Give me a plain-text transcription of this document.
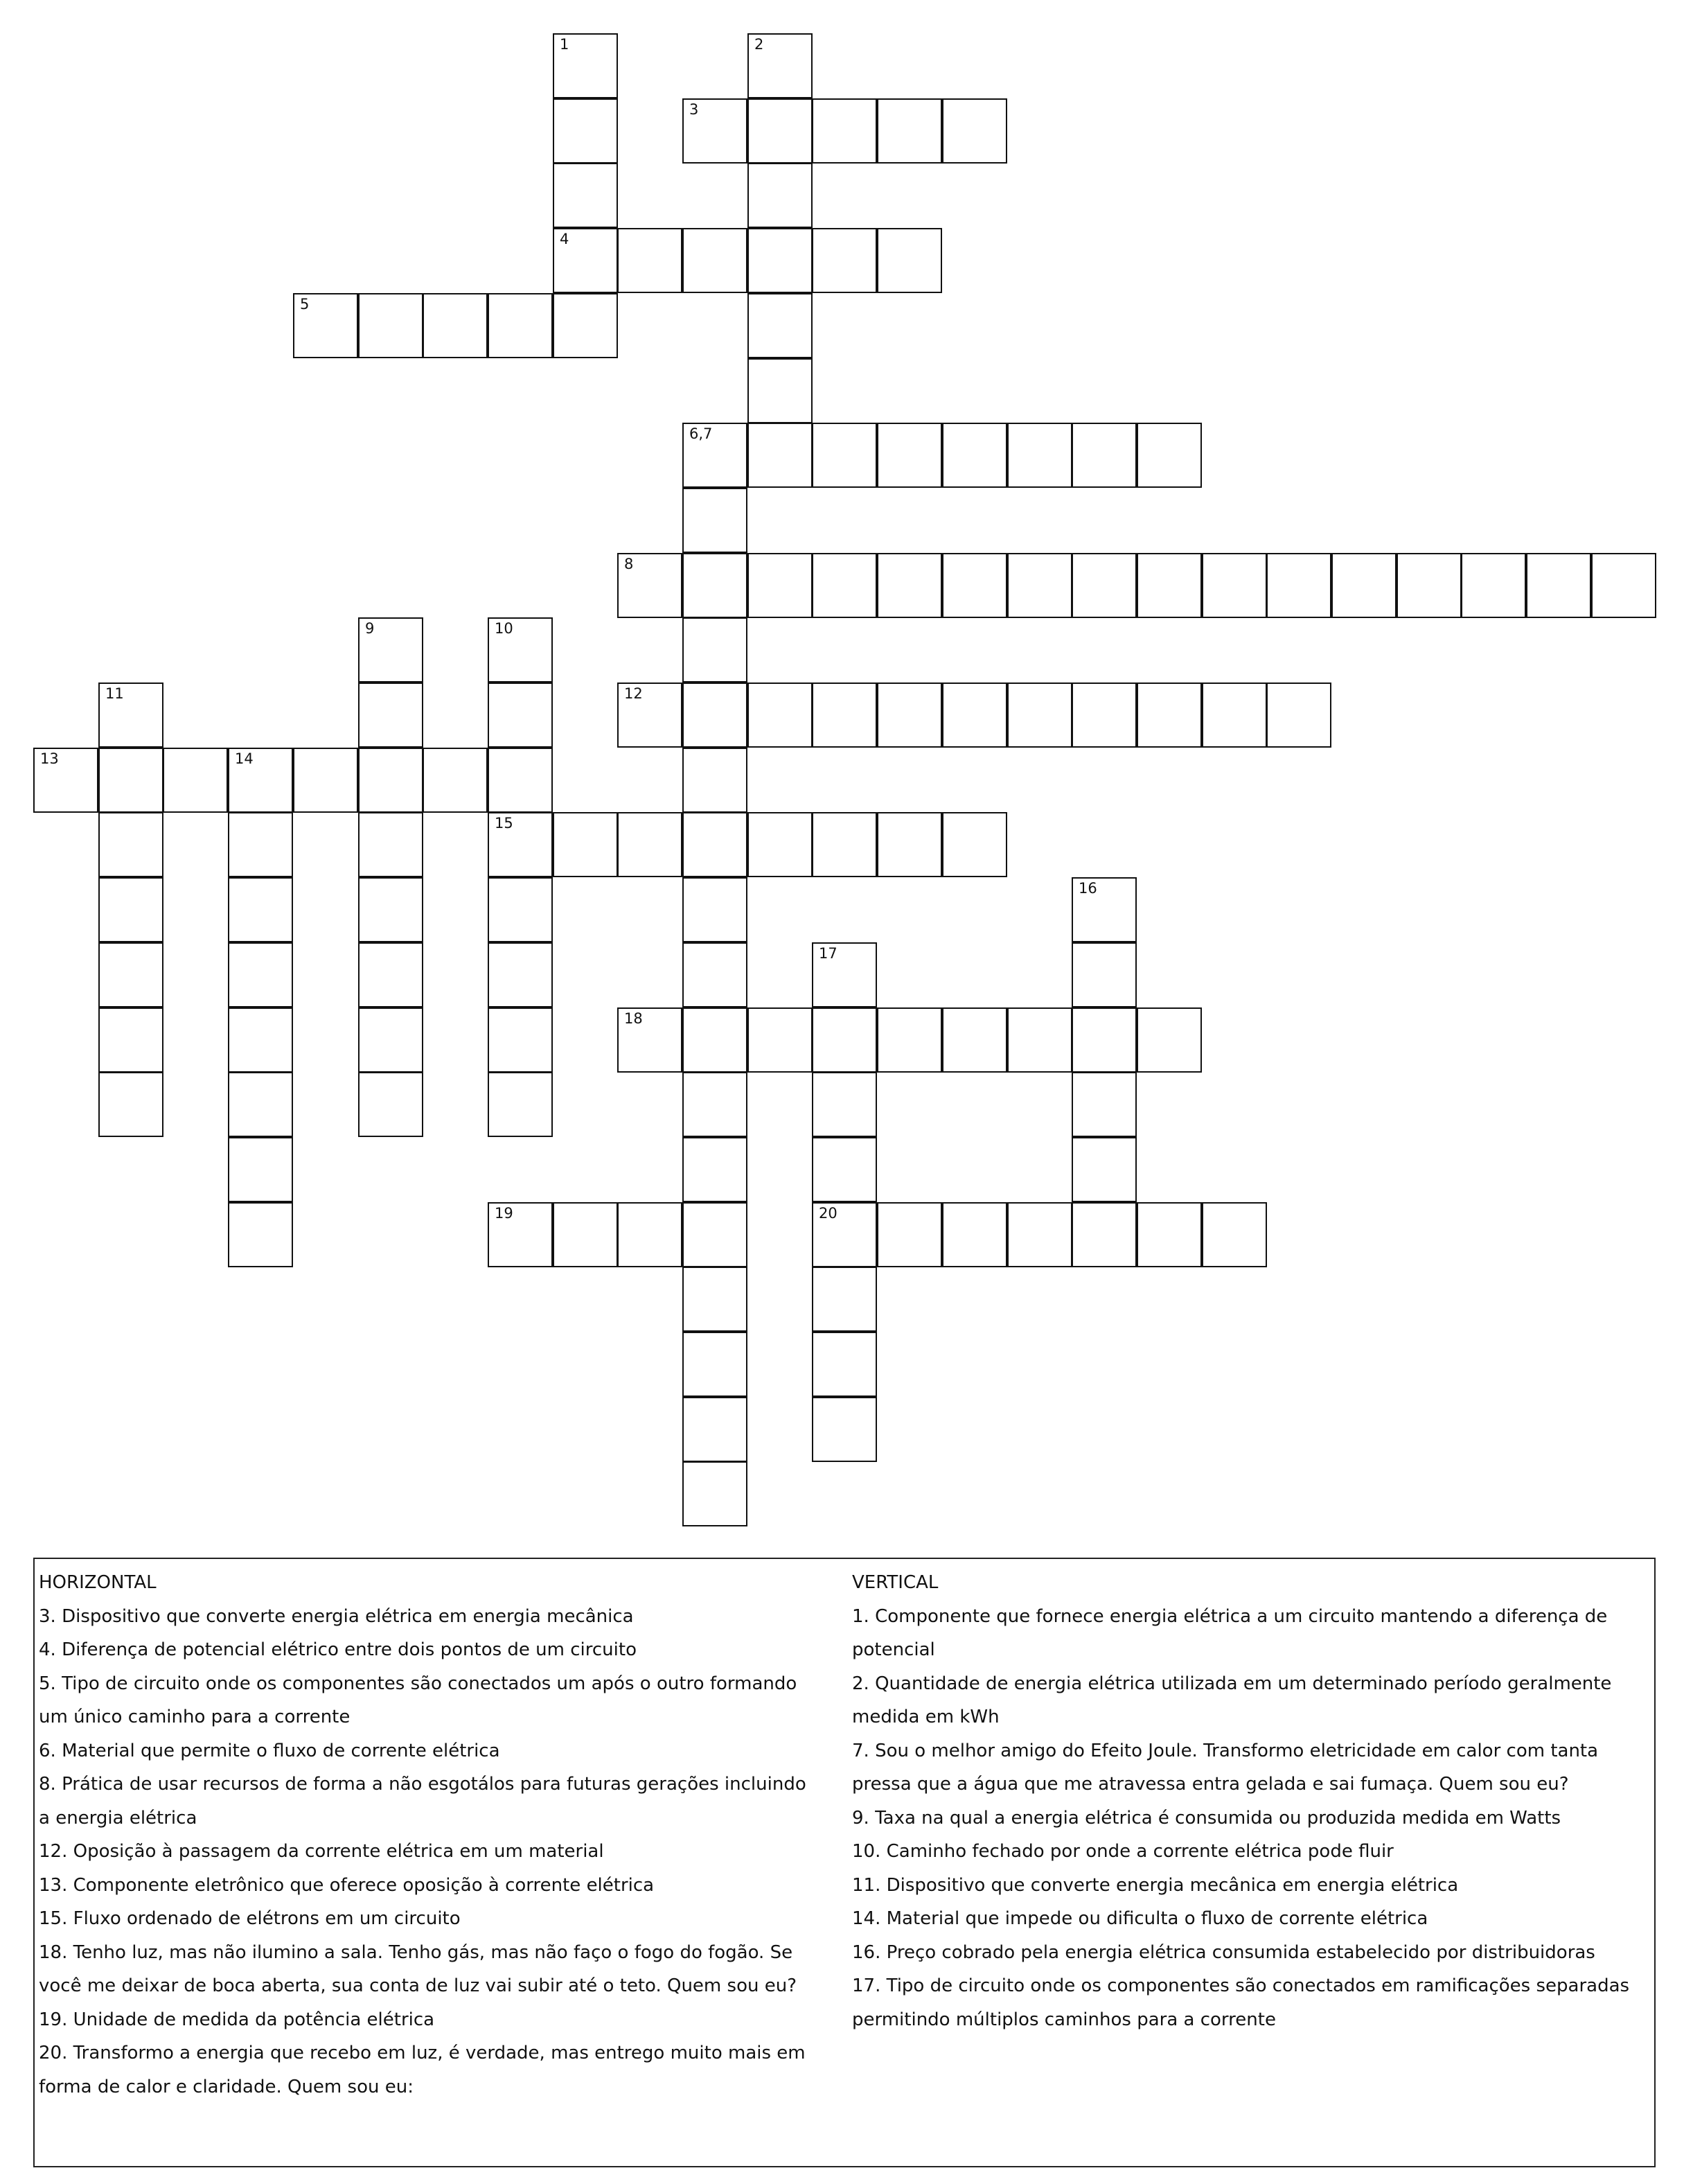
1	2
3
4
5
6,7
8
9	10
11	12
13	14
15
16
17
18
19	20
HORIZONTAL
3. Dispositivo que converte energia elétrica em energia mecânica
4. Diferença de potencial elétrico entre dois pontos de um circuito
5. Tipo de circuito onde os componentes são conectados um após o outro formando
um único caminho para a corrente
6. Material que permite o fluxo de corrente elétrica
8. Prática de usar recursos de forma a não esgotálos para futuras gerações incluindo
a energia elétrica
12. Oposição à passagem da corrente elétrica em um material
13. Componente eletrônico que oferece oposição à corrente elétrica
15. Fluxo ordenado de elétrons em um circuito
18. Tenho luz, mas não ilumino a sala. Tenho gás, mas não faço o fogo do fogão. Se
você me deixar de boca aberta, sua conta de luz vai subir até o teto. Quem sou eu?
19. Unidade de medida da potência elétrica
20. Transformo a energia que recebo em luz, é verdade, mas entrego muito mais em
forma de calor e claridade. Quem sou eu:
VERTICAL
1. Componente que fornece energia elétrica a um circuito mantendo a diferença de
potencial
2. Quantidade de energia elétrica utilizada em um determinado período geralmente
medida em kWh
7. Sou o melhor amigo do Efeito Joule. Transformo eletricidade em calor com tanta
pressa que a água que me atravessa entra gelada e sai fumaça. Quem sou eu?
9. Taxa na qual a energia elétrica é consumida ou produzida medida em Watts
10. Caminho fechado por onde a corrente elétrica pode fluir
11. Dispositivo que converte energia mecânica em energia elétrica
14. Material que impede ou dificulta o fluxo de corrente elétrica
16. Preço cobrado pela energia elétrica consumida estabelecido por distribuidoras
17. Tipo de circuito onde os componentes são conectados em ramificações separadas
permitindo múltiplos caminhos para a corrente
